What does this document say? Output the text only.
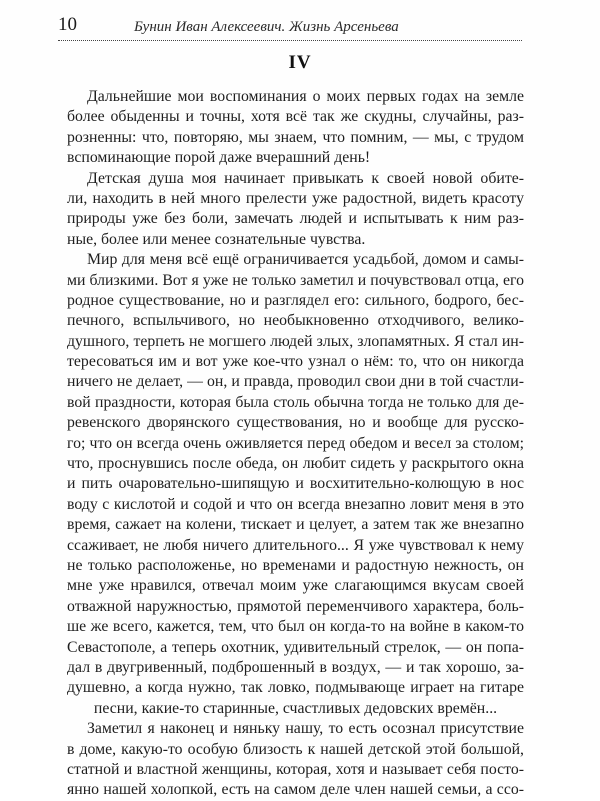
10	Бунин Иван Алексеевич. Жизнь Арсеньева
IV
Дальнейшие мои воспоминания о моих первых годах на земле
более обыденны и точны, хотя всё так же скудны, случайны, раз-
розненны: что, повторяю, мы знаем, что помним, — мы, с трудом
вспоминающие порой даже вчерашний день!
Детская душа моя начинает привыкать к своей новой обите-
ли, находить в ней много прелести уже радостной, видеть красоту
природы уже без боли, замечать людей и испытывать к ним раз-
ные, более или менее сознательные чувства.
Мир для меня всё ещё ограничивается усадьбой, домом и самы-
ми близкими. Вот я уже не только заметил и почувствовал отца, его
родное существование, но и разглядел его: сильного, бодрого, бес-
печного, вспыльчивого, но необыкновенно отходчивого, велико-
душного, терпеть не могшего людей злых, злопамятных. Я стал ин-
тересоваться им и вот уже кое-что узнал о нём: то, что он никогда
ничего не делает, — он, и правда, проводил свои дни в той счастли-
вой праздности, которая была столь обычна тогда не только для де-
ревенского дворянского существования, но и вообще для русско-
го; что он всегда очень оживляется перед обедом и весел за столом;
что, проснувшись после обеда, он любит сидеть у раскрытого окна
и пить очаровательно-шипящую и восхитительно-колющую в нос
воду с кислотой и содой и что он всегда внезапно ловит меня в это
время, сажает на колени, тискает и целует, а затем так же внезапно
ссаживает, не любя ничего длительного... Я уже чувствовал к нему
не только расположенье, но временами и радостную нежность, он
мне уже нравился, отвечал моим уже слагающимся вкусам своей
отважной наружностью, прямотой переменчивого характера, боль-
ше же всего, кажется, тем, что был он когда-то на войне в каком-то
Севастополе, а теперь охотник, удивительный стрелок, — он попа-
дал в двугривенный, подброшенный в воздух, — и так хорошо, за-
душевно, а когда нужно, так ловко, подмывающе играет на гитаре
песни, какие-то старинные, счастливых дедовских времён...
Заметил я наконец и няньку нашу, то есть осознал присутствие
в доме, какую-то особую близость к нашей детской этой большой,
статной и властной женщины, которая, хотя и называет себя посто-
янно нашей холопкой, есть на самом деле член нашей семьи, а ссо-
